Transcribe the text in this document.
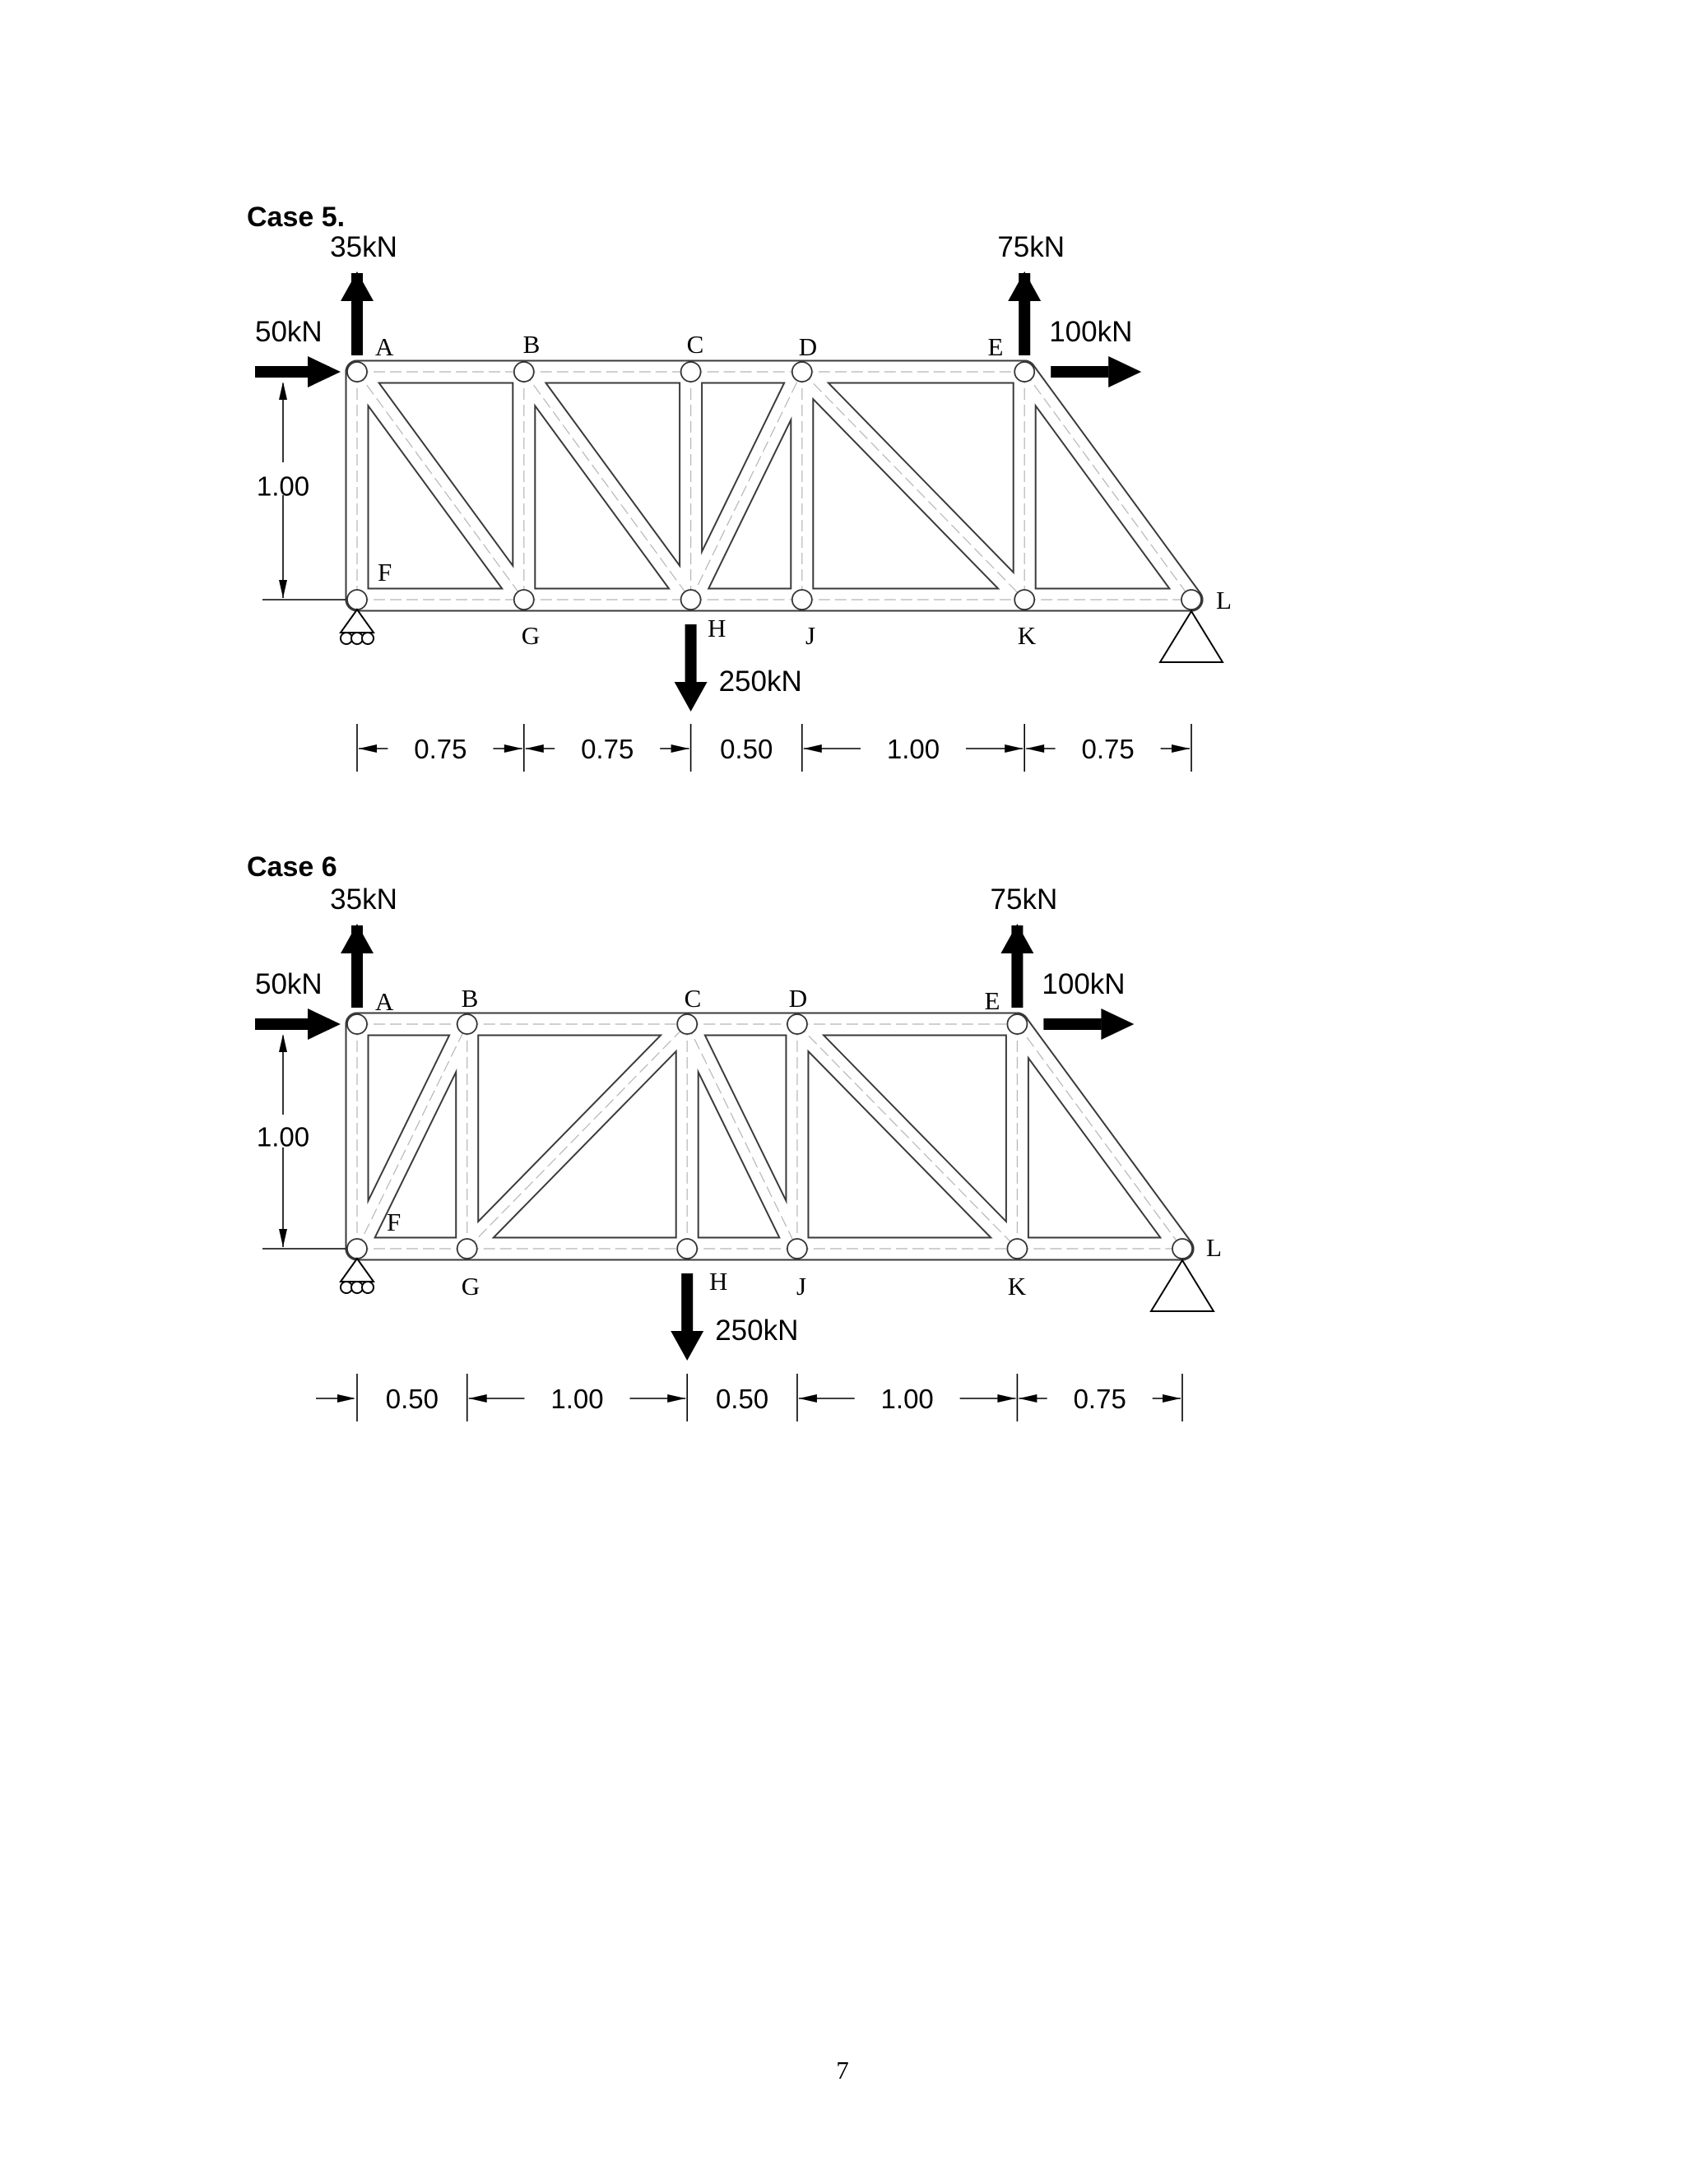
Case 5.
A	B	C	D	E
F
G	H	J	K
L
1.00
35kN
50kN
75kN
100kN
250kN
0.75	0.75	0.50	1.00	0.75
Case 6
A	B	C	D	E
F
G	H	J	K
L
1.00
35kN
50kN
75kN
100kN
250kN
0.50	1.00	0.50	1.00	0.75
7
